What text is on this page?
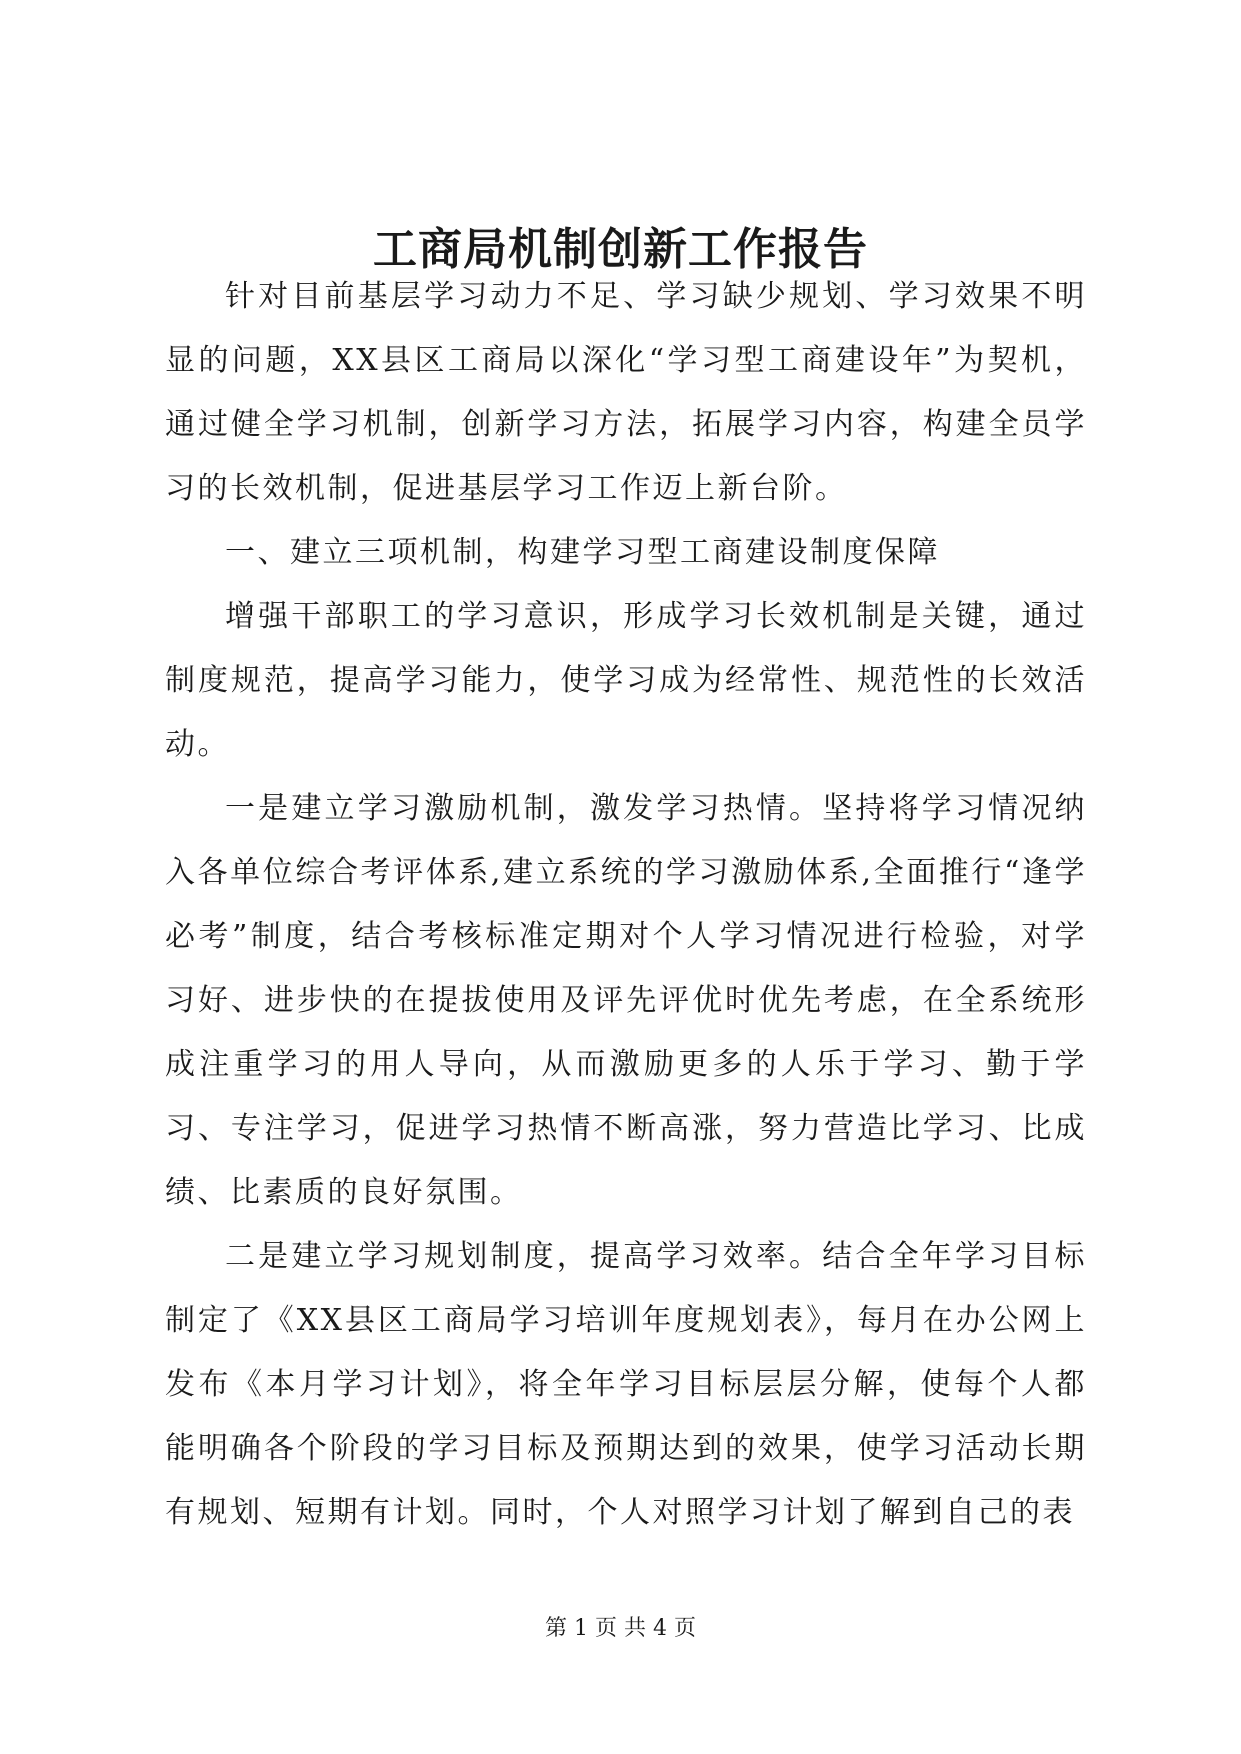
工商局机制创新工作报告

针对目前基层学习动力不足、学习缺少规划、学习效果不明显的问题，XX县区工商局以深化“学习型工商建设年”为契机，通过健全学习机制，创新学习方法，拓展学习内容，构建全员学习的长效机制，促进基层学习工作迈上新台阶。

一、建立三项机制，构建学习型工商建设制度保障

增强干部职工的学习意识，形成学习长效机制是关键，通过制度规范，提高学习能力，使学习成为经常性、规范性的长效活动。

一是建立学习激励机制，激发学习热情。坚持将学习情况纳入各单位综合考评体系,建立系统的学习激励体系,全面推行“逢学必考”制度，结合考核标准定期对个人学习情况进行检验，对学习好、进步快的在提拔使用及评先评优时优先考虑，在全系统形成注重学习的用人导向，从而激励更多的人乐于学习、勤于学习、专注学习，促进学习热情不断高涨，努力营造比学习、比成绩、比素质的良好氛围。

二是建立学习规划制度，提高学习效率。结合全年学习目标制定了《XX县区工商局学习培训年度规划表》，每月在办公网上发布《本月学习计划》，将全年学习目标层层分解，使每个人都能明确各个阶段的学习目标及预期达到的效果，使学习活动长期有规划、短期有计划。同时，个人对照学习计划了解到自己的表

第 1 页 共 4 页
